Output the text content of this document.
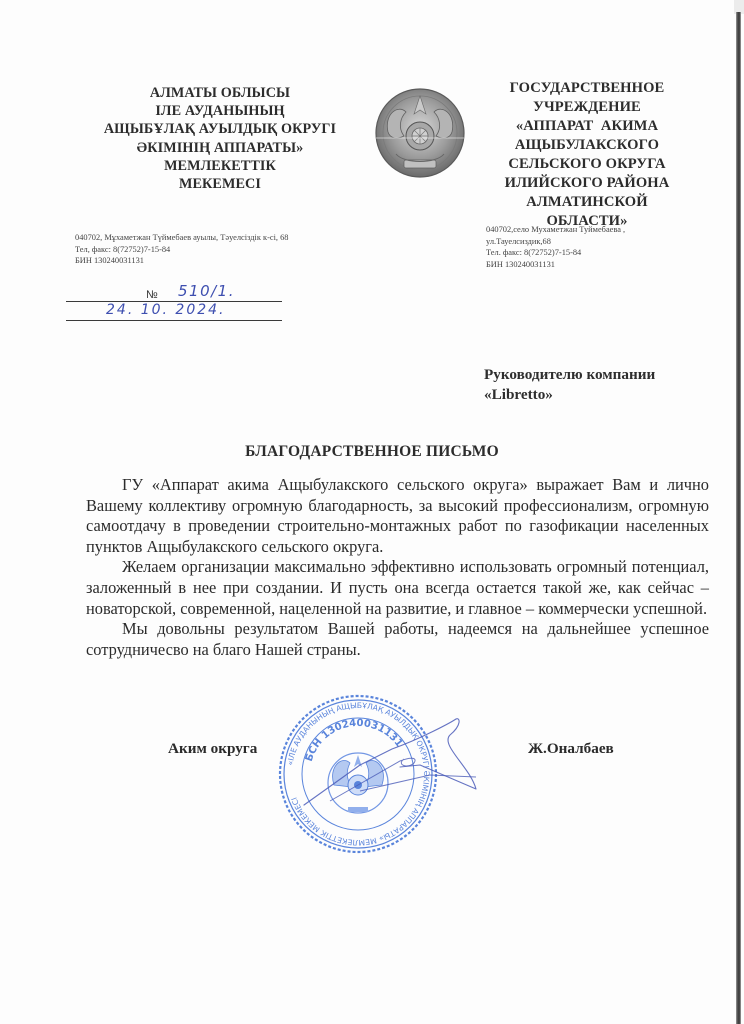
АЛМАТЫ ОБЛЫСЫ
ІЛЕ АУДАНЫНЫҢ
АЩЫБҰЛАҚ АУЫЛДЫҚ ОКРУГІ
ӘКІМІНІҢ АППАРАТЫ»
МЕМЛЕКЕТТІК
МЕКЕМЕСІ
040702, Мұхаметжан Түймебаев ауылы, Тәуелсіздік к-сі, 68
Тел, факс: 8(72752)7-15-84
БИН 130240031131
ГОСУДАРСТВЕННОЕ
УЧРЕЖДЕНИЕ
«АППАРАТ  АКИМА
АЩЫБУЛАКСКОГО
СЕЛЬСКОГО ОКРУГА
ИЛИЙСКОГО РАЙОНА
АЛМАТИНСКОЙ
ОБЛАСТИ»
040702,село Мухаметжан Туймебаева ,
ул.Тауелсиздик,68
Тел. факс: 8(72752)7-15-84
БИН 130240031131
№ 510/1.
24. 10. 2024.
Руководителю компании
«Libretto»
БЛАГОДАРСТВЕННОЕ ПИСЬМО

ГУ «Аппарат акима Ащыбулакского сельского округа» выражает Вам и лично Вашему коллективу огромную благодарность, за высокий профессионализм, огромную самоотдачу в проведении строительно-монтажных работ по газофикации населенных пунктов Ащыбулакского сельского округа.

Желаем организации максимально эффективно использовать огромный потенциал, заложенный в нее при создании. И пусть она всегда остается такой же, как сейчас – новаторской, современной, нацеленной на развитие, и главное – коммерчески успешной.

Мы довольны результатом Вашей работы, надеемся на дальнейшее успешное сотрудничесво на благо Нашей страны.

Аким округа	Ж.Оналбаев
«ІЛЕ АУДАНЫНЫҢ АЩЫБҰЛАҚ АУЫЛДЫҚ ОКРУГІ ӘКІМІНІҢ АППАРАТЫ» МЕМЛЕКЕТТІК МЕКЕМЕСІ
БСН 130240031131
